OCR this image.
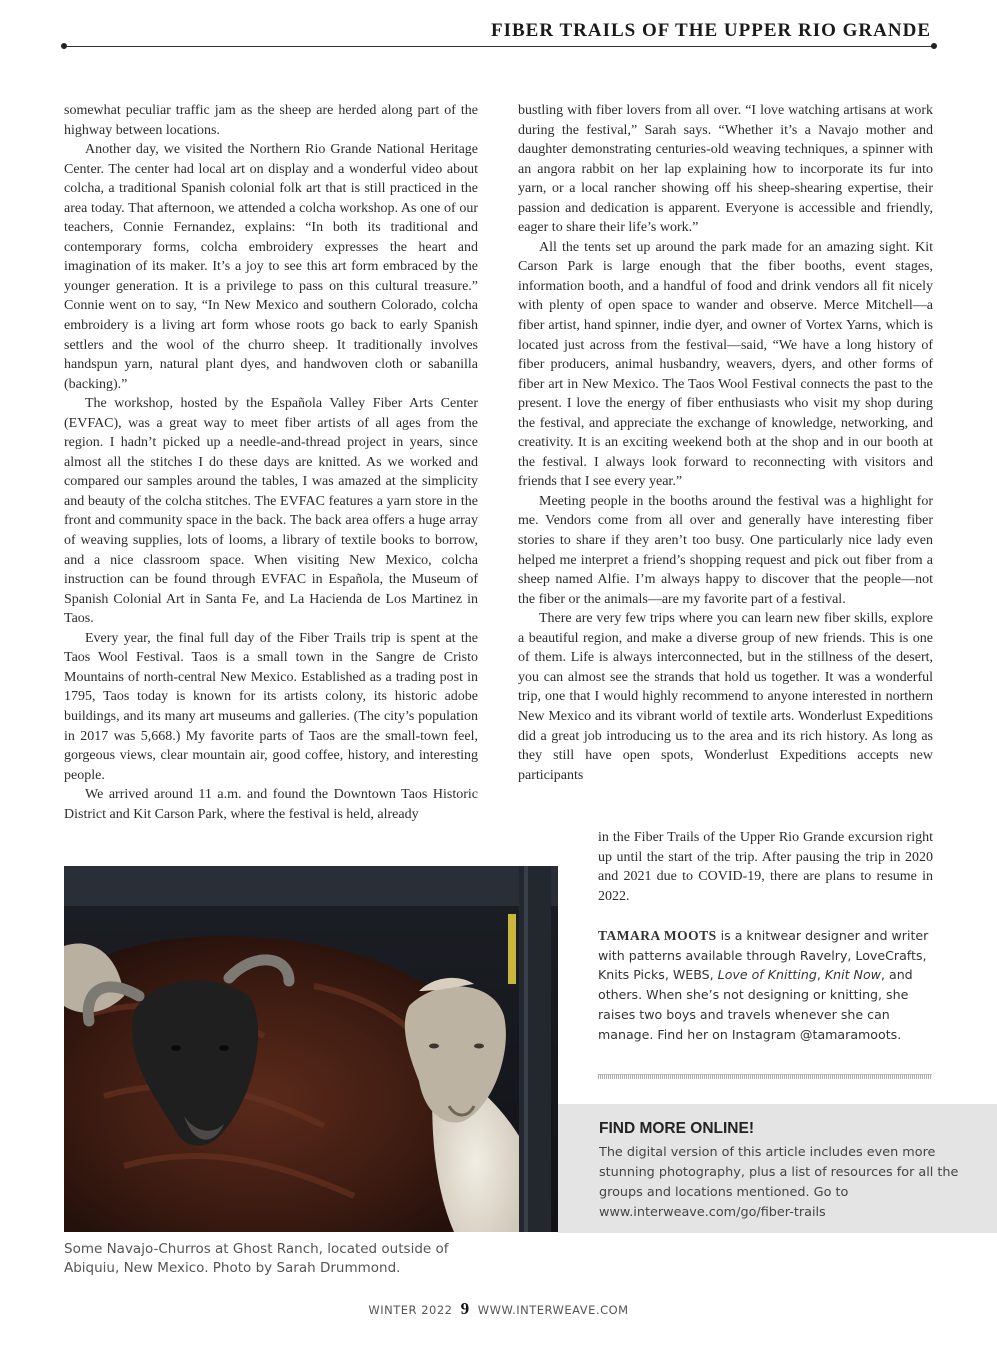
FIBER TRAILS OF THE UPPER RIO GRANDE

somewhat peculiar traffic jam as the sheep are herded along part of the highway between locations.

Another day, we visited the Northern Rio Grande National Heritage Center. The center had local art on display and a wonderful video about colcha, a traditional Spanish colonial folk art that is still practiced in the area today. That afternoon, we attended a colcha workshop. As one of our teachers, Connie Fernandez, explains: “In both its traditional and contemporary forms, colcha embroidery expresses the heart and imagination of its maker. It’s a joy to see this art form embraced by the younger generation. It is a privilege to pass on this cultural treasure.” Connie went on to say, “In New Mexico and southern Colorado, colcha embroidery is a living art form whose roots go back to early Spanish settlers and the wool of the churro sheep. It traditionally involves handspun yarn, natural plant dyes, and handwoven cloth or sabanilla (backing).”

The workshop, hosted by the Española Valley Fiber Arts Center (EVFAC), was a great way to meet fiber artists of all ages from the region. I hadn’t picked up a needle-and-thread project in years, since almost all the stitches I do these days are knitted. As we worked and compared our samples around the tables, I was amazed at the simplicity and beauty of the colcha stitches. The EVFAC features a yarn store in the front and community space in the back. The back area offers a huge array of weaving supplies, lots of looms, a library of textile books to borrow, and a nice classroom space. When visiting New Mexico, colcha instruction can be found through EVFAC in Española, the Museum of Spanish Colonial Art in Santa Fe, and La Hacienda de Los Martinez in Taos.

Every year, the final full day of the Fiber Trails trip is spent at the Taos Wool Festival. Taos is a small town in the Sangre de Cristo Mountains of north-central New Mexico. Established as a trading post in 1795, Taos today is known for its artists colony, its historic adobe buildings, and its many art museums and galleries. (The city’s population in 2017 was 5,668.) My favorite parts of Taos are the small-town feel, gorgeous views, clear mountain air, good coffee, history, and interesting people.

We arrived around 11 a.m. and found the Downtown Taos Historic District and Kit Carson Park, where the festival is held, already

bustling with fiber lovers from all over. “I love watching artisans at work during the festival,” Sarah says. “Whether it’s a Navajo mother and daughter demonstrating centuries-old weaving techniques, a spinner with an angora rabbit on her lap explaining how to incorporate its fur into yarn, or a local rancher showing off his sheep-shearing expertise, their passion and dedication is apparent. Everyone is accessible and friendly, eager to share their life’s work.”

All the tents set up around the park made for an amazing sight. Kit Carson Park is large enough that the fiber booths, event stages, information booth, and a handful of food and drink vendors all fit nicely with plenty of open space to wander and observe. Merce Mitchell—a fiber artist, hand spinner, indie dyer, and owner of Vortex Yarns, which is located just across from the festival—said, “We have a long history of fiber producers, animal husbandry, weavers, dyers, and other forms of fiber art in New Mexico. The Taos Wool Festival connects the past to the present. I love the energy of fiber enthusiasts who visit my shop during the festival, and appreciate the exchange of knowledge, networking, and creativity. It is an exciting weekend both at the shop and in our booth at the festival. I always look forward to reconnecting with visitors and friends that I see every year.”

Meeting people in the booths around the festival was a highlight for me. Vendors come from all over and generally have interesting fiber stories to share if they aren’t too busy. One particularly nice lady even helped me interpret a friend’s shopping request and pick out fiber from a sheep named Alfie. I’m always happy to discover that the people—not the fiber or the animals—are my favorite part of a festival.

There are very few trips where you can learn new fiber skills, explore a beautiful region, and make a diverse group of new friends. This is one of them. Life is always interconnected, but in the stillness of the desert, you can almost see the strands that hold us together. It was a wonderful trip, one that I would highly recommend to anyone interested in northern New Mexico and its vibrant world of textile arts. Wonderlust Expeditions did a great job introducing us to the area and its rich history. As long as they still have open spots, Wonderlust Expeditions accepts new participants

in the Fiber Trails of the Upper Rio Grande excursion right up until the start of the trip. After pausing the trip in 2020 and 2021 due to COVID-19, there are plans to resume in 2022.

Some Navajo-Churros at Ghost Ranch, located outside of Abiquiu, New Mexico. Photo by Sarah Drummond.
TAMARA MOOTS is a knitwear designer and writer with patterns available through Ravelry, LoveCrafts, Knits Picks, WEBS, Love of Knitting, Knit Now, and others. When she’s not designing or knitting, she raises two boys and travels whenever she can manage. Find her on Instagram @tamaramoots.
FIND MORE ONLINE!
The digital version of this article includes even more stunning photography, plus a list of resources for all the groups and locations mentioned. Go to www.interweave.com/go/fiber-trails
WINTER 2022 9 WWW.INTERWEAVE.COM
